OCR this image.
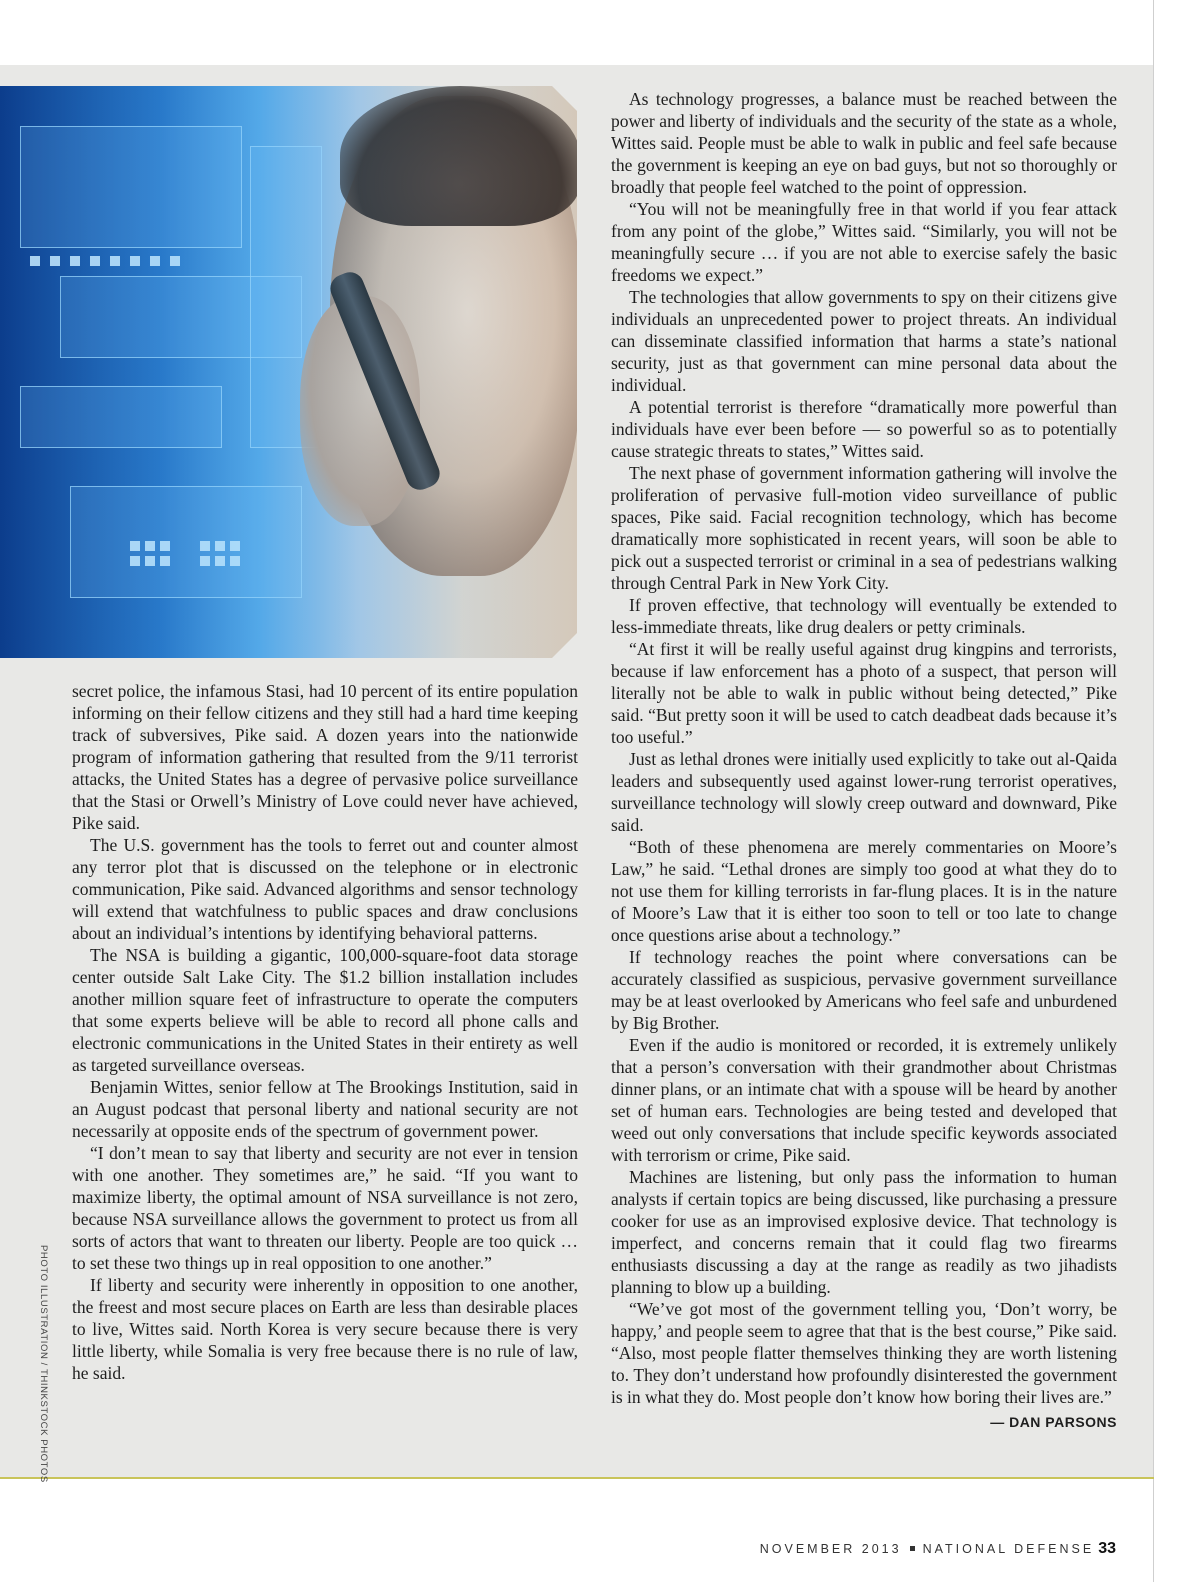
secret police, the infamous Stasi, had 10 percent of its entire population informing on their fellow citizens and they still had a hard time keeping track of subversives, Pike said. A dozen years into the nationwide program of information gathering that resulted from the 9/11 terrorist attacks, the United States has a degree of pervasive police surveillance that the Stasi or Orwell’s Ministry of Love could never have achieved, Pike said.

The U.S. government has the tools to ferret out and counter almost any terror plot that is discussed on the telephone or in electronic communication, Pike said. Advanced algorithms and sensor technology will extend that watchfulness to public spaces and draw conclusions about an individual’s intentions by identifying behavioral patterns.

The NSA is building a gigantic, 100,000-square-foot data storage center outside Salt Lake City. The $1.2 billion installation includes another million square feet of infrastructure to operate the computers that some experts believe will be able to record all phone calls and electronic communications in the United States in their entirety as well as targeted surveillance overseas.

Benjamin Wittes, senior fellow at The Brookings Institution, said in an August podcast that personal liberty and national security are not necessarily at opposite ends of the spectrum of government power.

“I don’t mean to say that liberty and security are not ever in tension with one another. They sometimes are,” he said. “If you want to maximize liberty, the optimal amount of NSA surveillance is not zero, because NSA surveillance allows the government to protect us from all sorts of actors that want to threaten our liberty. People are too quick … to set these two things up in real opposition to one another.”

If liberty and security were inherently in opposition to one another, the freest and most secure places on Earth are less than desirable places to live, Wittes said. North Korea is very secure because there is very little liberty, while Somalia is very free because there is no rule of law, he said.

As technology progresses, a balance must be reached between the power and liberty of individuals and the security of the state as a whole, Wittes said. People must be able to walk in public and feel safe because the government is keeping an eye on bad guys, but not so thoroughly or broadly that people feel watched to the point of oppression.

“You will not be meaningfully free in that world if you fear attack from any point of the globe,” Wittes said. “Similarly, you will not be meaningfully secure … if you are not able to exercise safely the basic freedoms we expect.”

The technologies that allow governments to spy on their citizens give individuals an unprecedented power to project threats. An individual can disseminate classified information that harms a state’s national security, just as that government can mine personal data about the individual.

A potential terrorist is therefore “dramatically more powerful than individuals have ever been before — so powerful so as to potentially cause strategic threats to states,” Wittes said.

The next phase of government information gathering will involve the proliferation of pervasive full-motion video surveillance of public spaces, Pike said. Facial recognition technology, which has become dramatically more sophisticated in recent years, will soon be able to pick out a suspected terrorist or criminal in a sea of pedestrians walking through Central Park in New York City.

If proven effective, that technology will eventually be extended to less-immediate threats, like drug dealers or petty criminals.

“At first it will be really useful against drug kingpins and terrorists, because if law enforcement has a photo of a suspect, that person will literally not be able to walk in public without being detected,” Pike said. “But pretty soon it will be used to catch deadbeat dads because it’s too useful.”

Just as lethal drones were initially used explicitly to take out al-Qaida leaders and subsequently used against lower-rung terrorist operatives, surveillance technology will slowly creep outward and downward, Pike said.

“Both of these phenomena are merely commentaries on Moore’s Law,” he said. “Lethal drones are simply too good at what they do to not use them for killing terrorists in far-flung places. It is in the nature of Moore’s Law that it is either too soon to tell or too late to change once questions arise about a technology.”

If technology reaches the point where conversations can be accurately classified as suspicious, pervasive government surveillance may be at least overlooked by Americans who feel safe and unburdened by Big Brother.

Even if the audio is monitored or recorded, it is extremely unlikely that a person’s conversation with their grandmother about Christmas dinner plans, or an intimate chat with a spouse will be heard by another set of human ears. Technologies are being tested and developed that weed out only conversations that include specific keywords associated with terrorism or crime, Pike said.

Machines are listening, but only pass the information to human analysts if certain topics are being discussed, like purchasing a pressure cooker for use as an improvised explosive device. That technology is imperfect, and concerns remain that it could flag two firearms enthusiasts discussing a day at the range as readily as two jihadists planning to blow up a building.

“We’ve got most of the government telling you, ‘Don’t worry, be happy,’ and people seem to agree that that is the best course,” Pike said. “Also, most people flatter themselves thinking they are worth listening to. They don’t understand how profoundly disinterested the government is in what they do. Most people don’t know how boring their lives are.”
— DAN PARSONS

PHOTO ILLUSTRATION / THINKSTOCK PHOTOS
NOVEMBER 2013 NATIONAL DEFENSE 33
